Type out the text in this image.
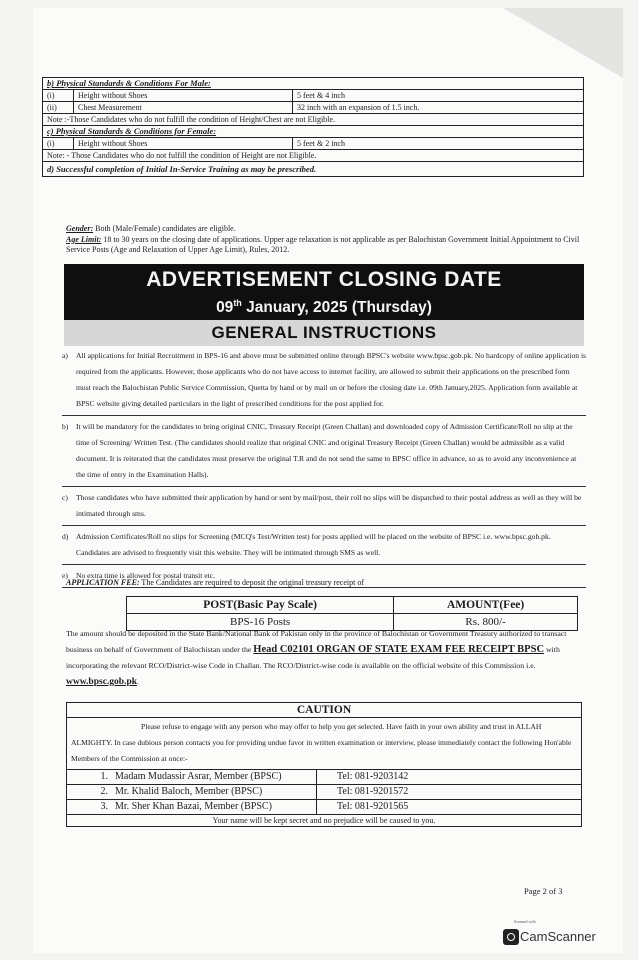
b) Physical Standards & Conditions For Male:		
(i)	Height without Shoes	5 feet & 4 inch
(ii)	Chest Measurement	32 inch with an expansion of 1.5 inch.
Note :-Those Candidates who do not fulfill the condition of Height/Chest are not Eligible.		
c) Physical Standards & Conditions for Female:		
(i)	Height without Shoes	5 feet & 2 inch
Note: - Those Candidates who do not fulfill the condition of Height are not Eligible.		
d) Successful completion of Initial In-Service Training as may be prescribed.		
Gender: Both (Male/Female) candidates are eligible.
Age Limit: 18 to 30 years on the closing date of applications. Upper age relaxation is not applicable as per Balochistan Government Initial Appointment to Civil Service Posts (Age and Relaxation of Upper Age Limit), Rules, 2012.
ADVERTISEMENT CLOSING DATE
09th January, 2025 (Thursday)
GENERAL INSTRUCTIONS
a) All applications for Initial Recruitment in BPS-16 and above must be submitted online through BPSC's website www.bpsc.gob.pk. No hardcopy of online application is required from the applicants. However, those applicants who do not have access to internet facility, are allowed to submit their applications on the prescribed form must reach the Balochistan Public Service Commission, Quetta by hand or by mail on or before the closing date i.e. 09th January,2025. Application form available at BPSC website giving detailed particulars in the light of prescribed conditions for the post applied for.
b) It will be mandatory for the candidates to bring original CNIC, Treasury Receipt (Green Challan) and downloaded copy of Admission Certificate/Roll no slip at the time of Screening/ Written Test. (The candidates should realize that original CNIC and original Treasury Receipt (Green Challan) would be admissible as a valid document. It is reiterated that the candidates must preserve the original T.R and do not send the same to BPSC office in advance, so as to avoid any inconvenience at the time of entry in the Examination Halls).
c) Those candidates who have submitted their application by hand or sent by mail/post, their roll no slips will be dispatched to their postal address as well as they will be intimated through sms.
d) Admission Certificates/Roll no slips for Screening (MCQ's Test/Written test) for posts applied will be placed on the website of BPSC i.e. www.bpsc.gob.pk. Candidates are advised to frequently visit this website. They will be intimated through SMS as well.
e) No extra time is allowed for postal transit etc.
APPLICATION FEE: The Candidates are required to deposit the original treasury receipt of
POST(Basic Pay Scale)	AMOUNT(Fee)
BPS-16 Posts	Rs. 800/-
The amount should be deposited in the State Bank/National Bank of Pakistan only in the province of Balochistan or Government Treasury authorized to transact business on behalf of Government of Balochistan under the Head C02101 ORGAN OF STATE EXAM FEE RECEIPT BPSC with incorporating the relevant RCO/District-wise Code in Challan. The RCO/District-wise code is available on the official website of this Commission i.e. www.bpsc.gob.pk.
CAUTION
Please refuse to engage with any person who may offer to help you get selected. Have faith in your own ability and trust in ALLAH ALMIGHTY. In case dubious person contacts you for providing undue favor in written examination or interview, please immediately contact the following Hon'able Members of the Commission at once:-
1.	Madam Mudassir Asrar, Member (BPSC)	Tel: 081-9203142
2.	Mr. Khalid Baloch, Member (BPSC)	Tel: 081-9201572
3.	Mr. Sher Khan Bazai, Member (BPSC)	Tel: 081-9201565
Your name will be kept secret and no prejudice will be caused to you.
Page 2 of 3
Scanned with
CamScanner
